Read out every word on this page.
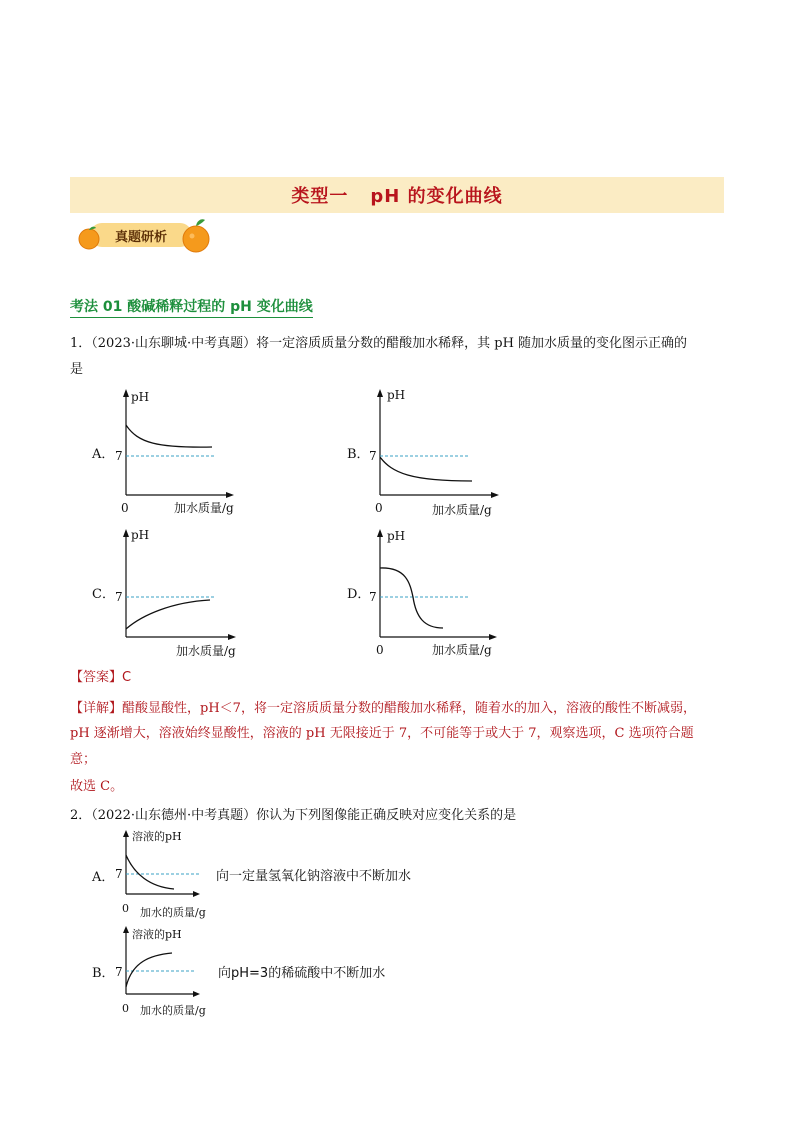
类型一 pH 的变化曲线
真题研析
考法 01 酸碱稀释过程的 pH 变化曲线
1．（2023·山东聊城·中考真题）将一定溶质质量分数的醋酸加水稀释，其 pH 随加水质量的变化图示正确的
是
A．
pH
7
0	加水质量/g
B．
pH
7
0	加水质量/g
C．
pH
7
加水质量/g
D．
pH
7
0	加水质量/g
【答案】C
【详解】醋酸显酸性，pH＜7，将一定溶质质量分数的醋酸加水稀释，随着水的加入，溶液的酸性不断减弱，
pH 逐渐增大，溶液始终显酸性，溶液的 pH 无限接近于 7，不可能等于或大于 7，观察选项，C 选项符合题
意；
故选 C。
2．（2022·山东德州·中考真题）你认为下列图像能正确反映对应变化关系的是
A．
溶液的pH
7
0 加水的质量/g
向一定量氢氧化钠溶液中不断加水
B．
溶液的pH
7
0 加水的质量/g
向pH=3的稀硫酸中不断加水
